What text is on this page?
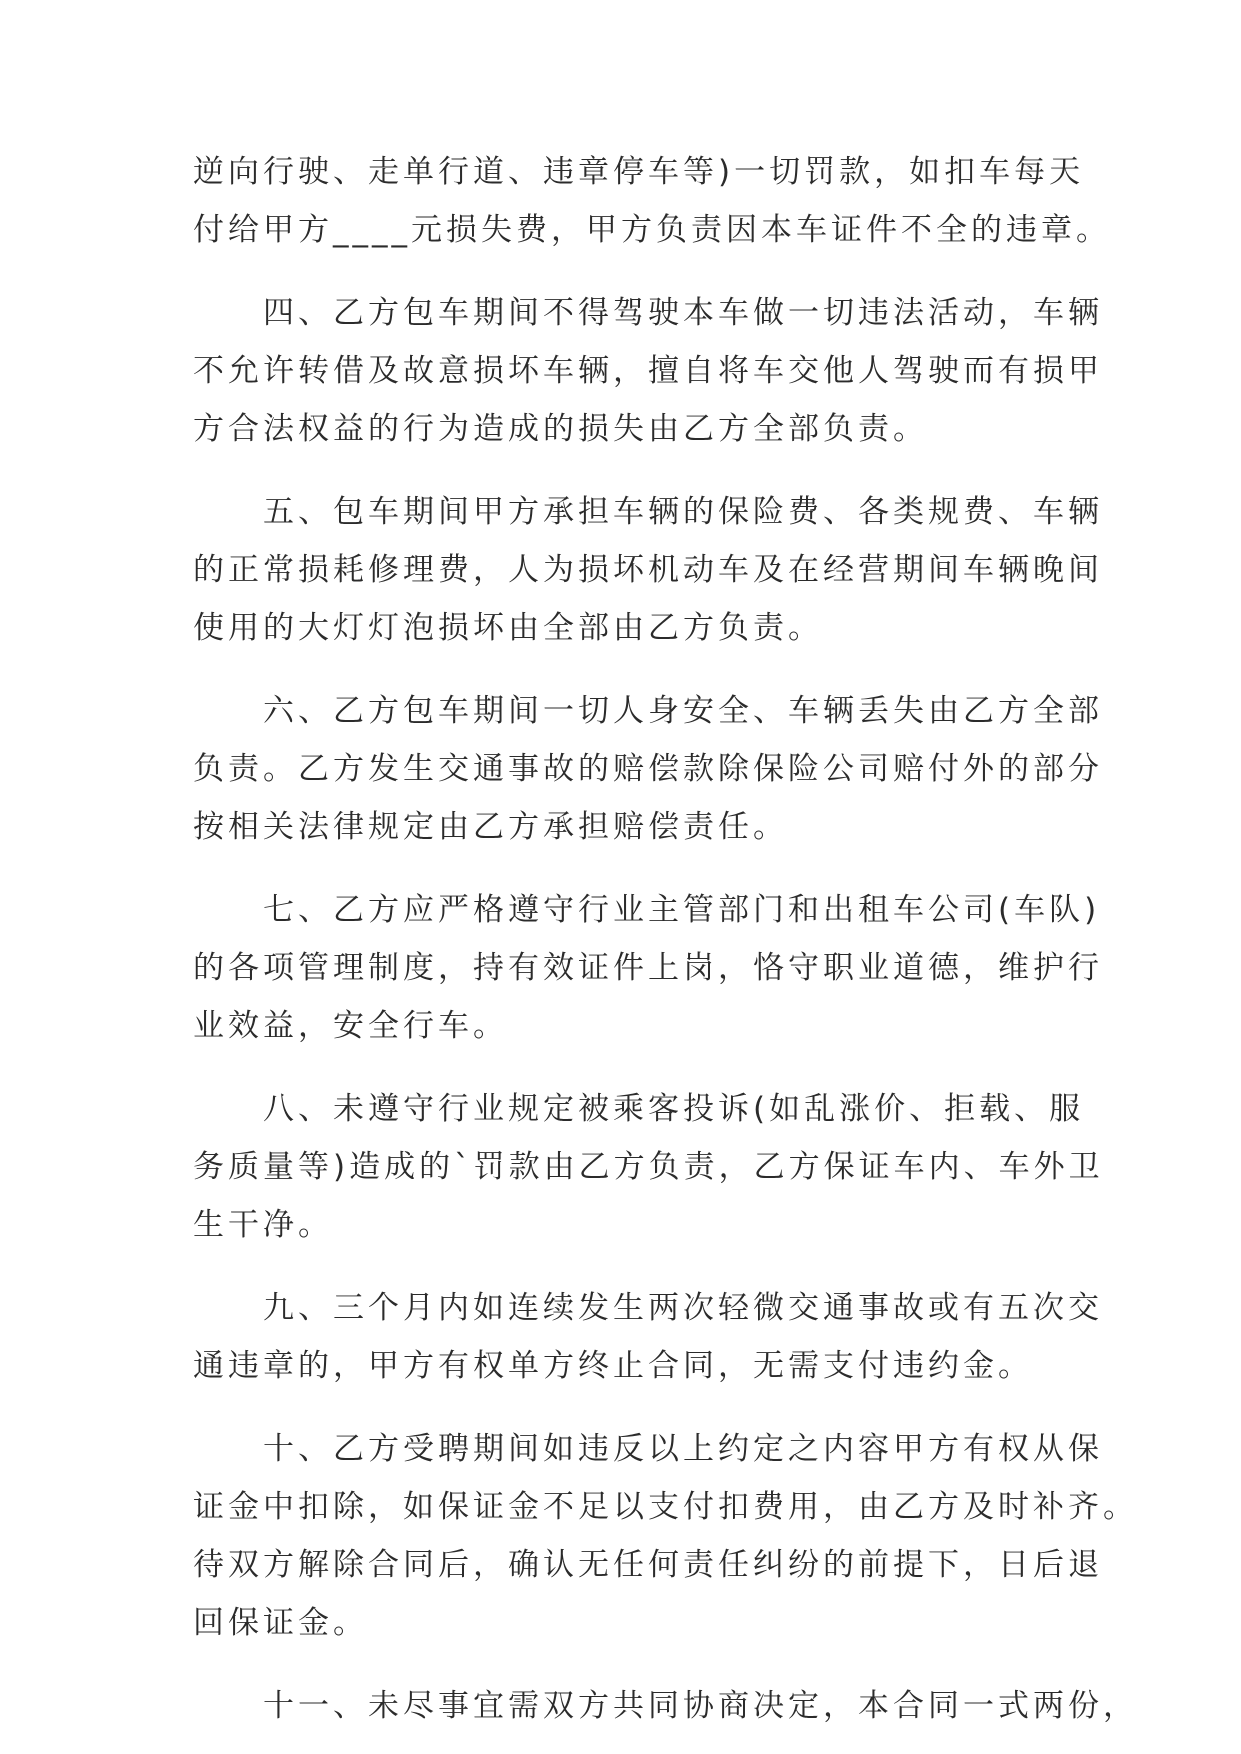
逆向行驶、走单行道、违章停车等)一切罚款，如扣车每天
付给甲方____元损失费，甲方负责因本车证件不全的违章。
　　四、乙方包车期间不得驾驶本车做一切违法活动，车辆
不允许转借及故意损坏车辆，擅自将车交他人驾驶而有损甲
方合法权益的行为造成的损失由乙方全部负责。
　　五、包车期间甲方承担车辆的保险费、各类规费、车辆
的正常损耗修理费，人为损坏机动车及在经营期间车辆晚间
使用的大灯灯泡损坏由全部由乙方负责。
　　六、乙方包车期间一切人身安全、车辆丢失由乙方全部
负责。乙方发生交通事故的赔偿款除保险公司赔付外的部分
按相关法律规定由乙方承担赔偿责任。
　　七、乙方应严格遵守行业主管部门和出租车公司(车队)
的各项管理制度，持有效证件上岗，恪守职业道德，维护行
业效益，安全行车。
　　八、未遵守行业规定被乘客投诉(如乱涨价、拒载、服
务质量等)造成的`罚款由乙方负责，乙方保证车内、车外卫
生干净。
　　九、三个月内如连续发生两次轻微交通事故或有五次交
通违章的，甲方有权单方终止合同，无需支付违约金。
　　十、乙方受聘期间如违反以上约定之内容甲方有权从保
证金中扣除，如保证金不足以支付扣费用，由乙方及时补齐。
待双方解除合同后，确认无任何责任纠纷的前提下，日后退
回保证金。
　　十一、未尽事宜需双方共同协商决定，本合同一式两份，
